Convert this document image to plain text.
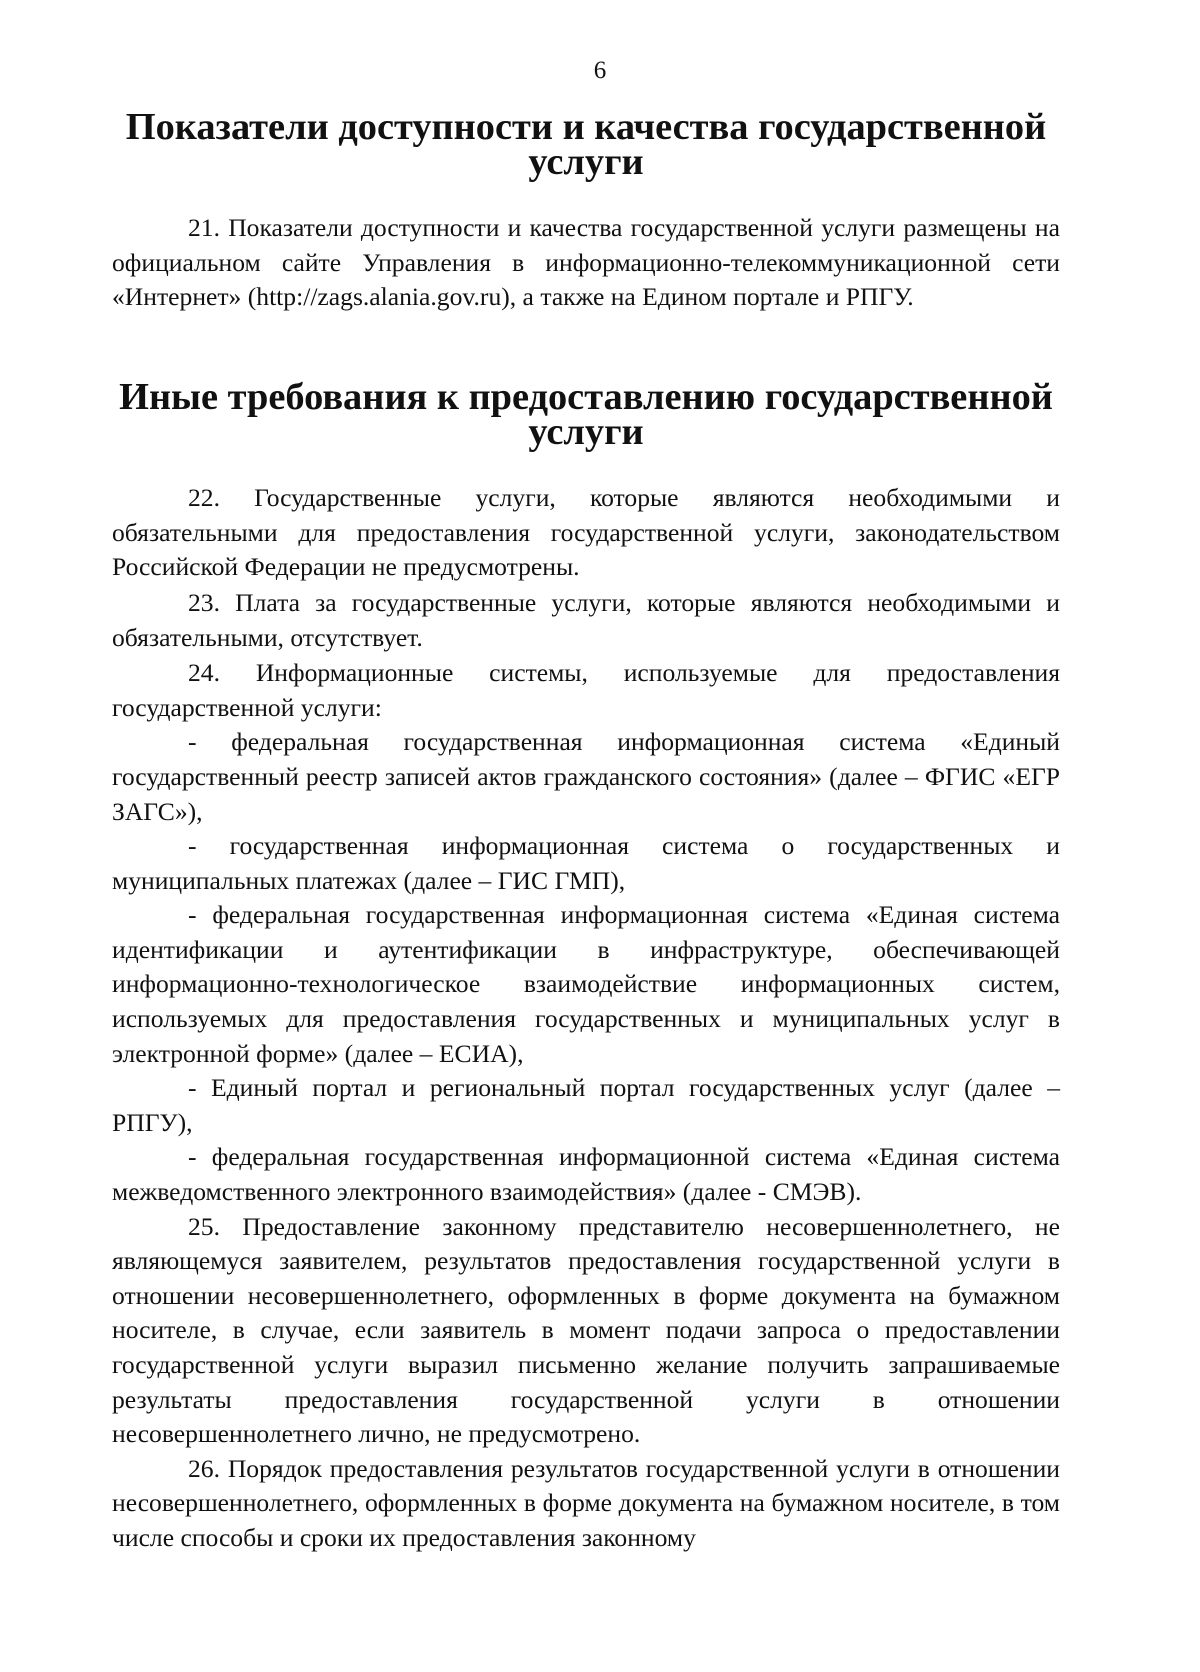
6
Показатели доступности и качества государственной услуги

21. Показатели доступности и качества государственной услуги размещены на официальном сайте Управления в информационно-телекоммуникационной сети «Интернет» (http://zags.alania.gov.ru), а также на Едином портале и РПГУ.

Иные требования к предоставлению государственной услуги

22. Государственные услуги, которые являются необходимыми и обязательными для предоставления государственной услуги, законодательством Российской Федерации не предусмотрены.

23. Плата за государственные услуги, которые являются необходимыми и обязательными, отсутствует.

24. Информационные системы, используемые для предоставления государственной услуги:

- федеральная государственная информационная система «Единый государственный реестр записей актов гражданского состояния» (далее – ФГИС «ЕГР ЗАГС»),

- государственная информационная система о государственных и муниципальных платежах (далее – ГИС ГМП),

- федеральная государственная информационная система «Единая система идентификации и аутентификации в инфраструктуре, обеспечивающей информационно-технологическое взаимодействие информационных систем, используемых для предоставления государственных и муниципальных услуг в электронной форме» (далее – ЕСИА),

- Единый портал и региональный портал государственных услуг (далее – РПГУ),

- федеральная государственная информационной система «Единая система межведомственного электронного взаимодействия» (далее - СМЭВ).

25. Предоставление законному представителю несовершеннолетнего, не являющемуся заявителем, результатов предоставления государственной услуги в отношении несовершеннолетнего, оформленных в форме документа на бумажном носителе, в случае, если заявитель в момент подачи запроса о предоставлении государственной услуги выразил письменно желание получить запрашиваемые результаты предоставления государственной услуги в отношении несовершеннолетнего лично, не предусмотрено.

26. Порядок предоставления результатов государственной услуги в отношении несовершеннолетнего, оформленных в форме документа на бумажном носителе, в том числе способы и сроки их предоставления законному
